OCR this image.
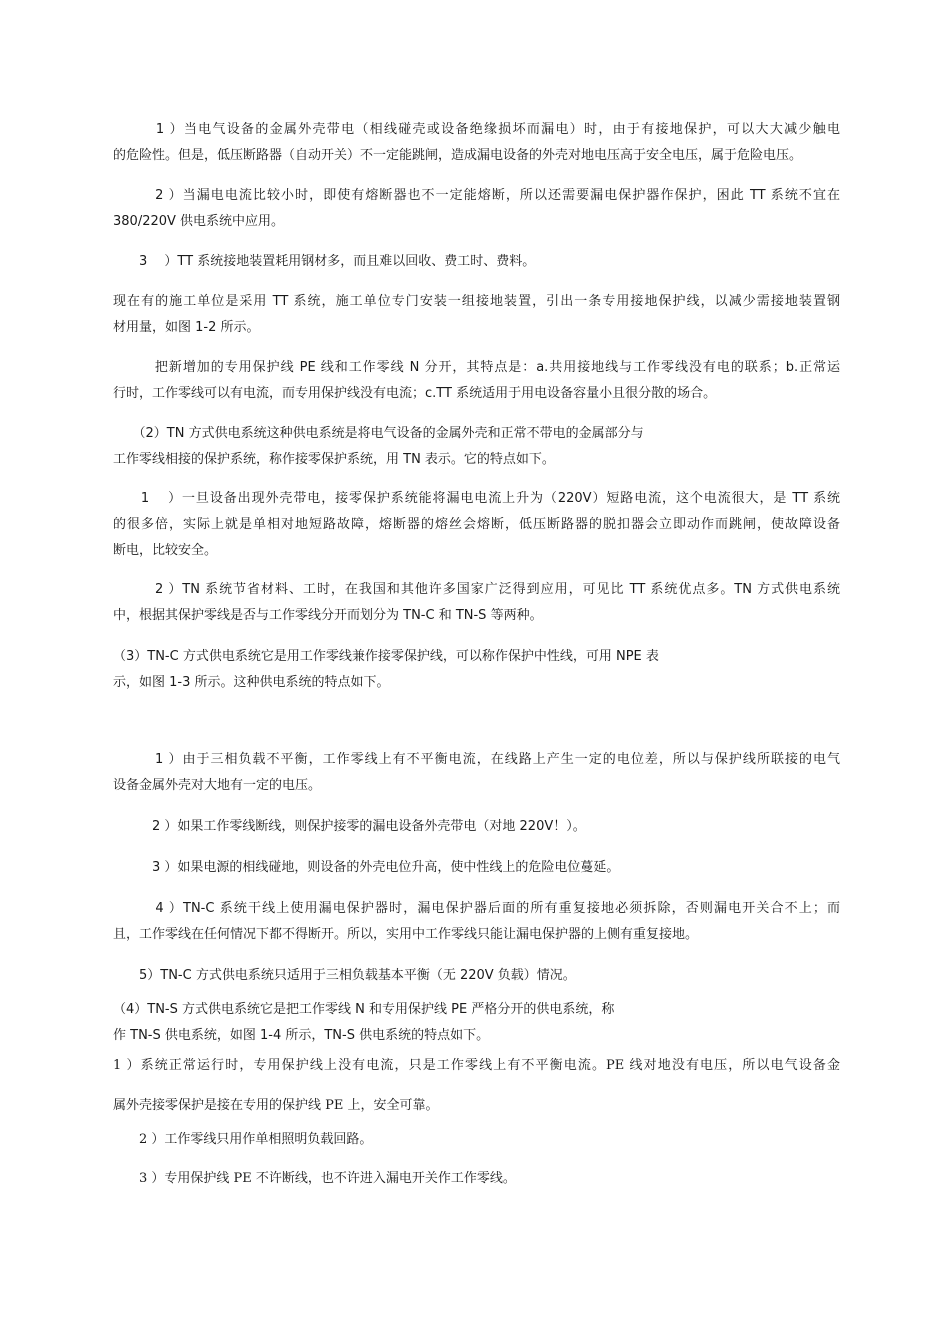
　　　1 ）当电气设备的金属外壳带电（相线碰壳或设备绝缘损坏而漏电）时，由于有接地保护，可以大大减少触电
的危险性。但是，低压断路器（自动开关）不一定能跳闸，造成漏电设备的外壳对地电压高于安全电压，属于危险电压。
　　　2 ）当漏电电流比较小时，即使有熔断器也不一定能熔断，所以还需要漏电保护器作保护，困此 TT 系统不宜在
380/220V 供电系统中应用。
　　3 　）TT 系统接地装置耗用钢材多，而且难以回收、费工时、费料。
现在有的施工单位是采用 TT 系统，施工单位专门安装一组接地装置，引出一条专用接地保护线，以减少需接地装置钢
材用量，如图 1-2 所示。
　　　把新增加的专用保护线 PE 线和工作零线 N 分开，其特点是：a.共用接地线与工作零线没有电的联系；b.正常运
行时，工作零线可以有电流，而专用保护线没有电流；c.TT 系统适用于用电设备容量小且很分散的场合。
　　（2）TN 方式供电系统这种供电系统是将电气设备的金属外壳和正常不带电的金属部分与
工作零线相接的保护系统，称作接零保护系统，用 TN 表示。它的特点如下。
　　1 　）一旦设备出现外壳带电，接零保护系统能将漏电电流上升为（220V）短路电流，这个电流很大，是 TT 系统
的很多倍，实际上就是单相对地短路故障，熔断器的熔丝会熔断，低压断路器的脱扣器会立即动作而跳闸，使故障设备
断电，比较安全。
　　　2 ）TN 系统节省材料、工时，在我国和其他许多国家广泛得到应用，可见比 TT 系统优点多。TN 方式供电系统
中，根据其保护零线是否与工作零线分开而划分为 TN-C 和 TN-S 等两种。
（3）TN-C 方式供电系统它是用工作零线兼作接零保护线，可以称作保护中性线，可用 NPE 表
示，如图 1-3 所示。这种供电系统的特点如下。
　　　1 ）由于三相负载不平衡，工作零线上有不平衡电流，在线路上产生一定的电位差，所以与保护线所联接的电气
设备金属外壳对大地有一定的电压。
　　　2 ）如果工作零线断线，则保护接零的漏电设备外壳带电（对地 220V！）。
　　　3 ）如果电源的相线碰地，则设备的外壳电位升高，使中性线上的危险电位蔓延。
　　　4 ）TN-C 系统干线上使用漏电保护器时，漏电保护器后面的所有重复接地必须拆除，否则漏电开关合不上；而
且，工作零线在任何情况下都不得断开。所以，实用中工作零线只能让漏电保护器的上侧有重复接地。
　　5）TN-C 方式供电系统只适用于三相负载基本平衡（无 220V 负载）情况。
（4）TN-S 方式供电系统它是把工作零线 N 和专用保护线 PE 严格分开的供电系统，称
作 TN-S 供电系统，如图 1-4 所示，TN-S 供电系统的特点如下。
1 ）系统正常运行时，专用保护线上没有电流，只是工作零线上有不平衡电流。PE 线对地没有电压，所以电气设备金
属外壳接零保护是接在专用的保护线 PE 上，安全可靠。
　　2 ）工作零线只用作单相照明负载回路。
　　3 ）专用保护线 PE 不许断线，也不许进入漏电开关作工作零线。
